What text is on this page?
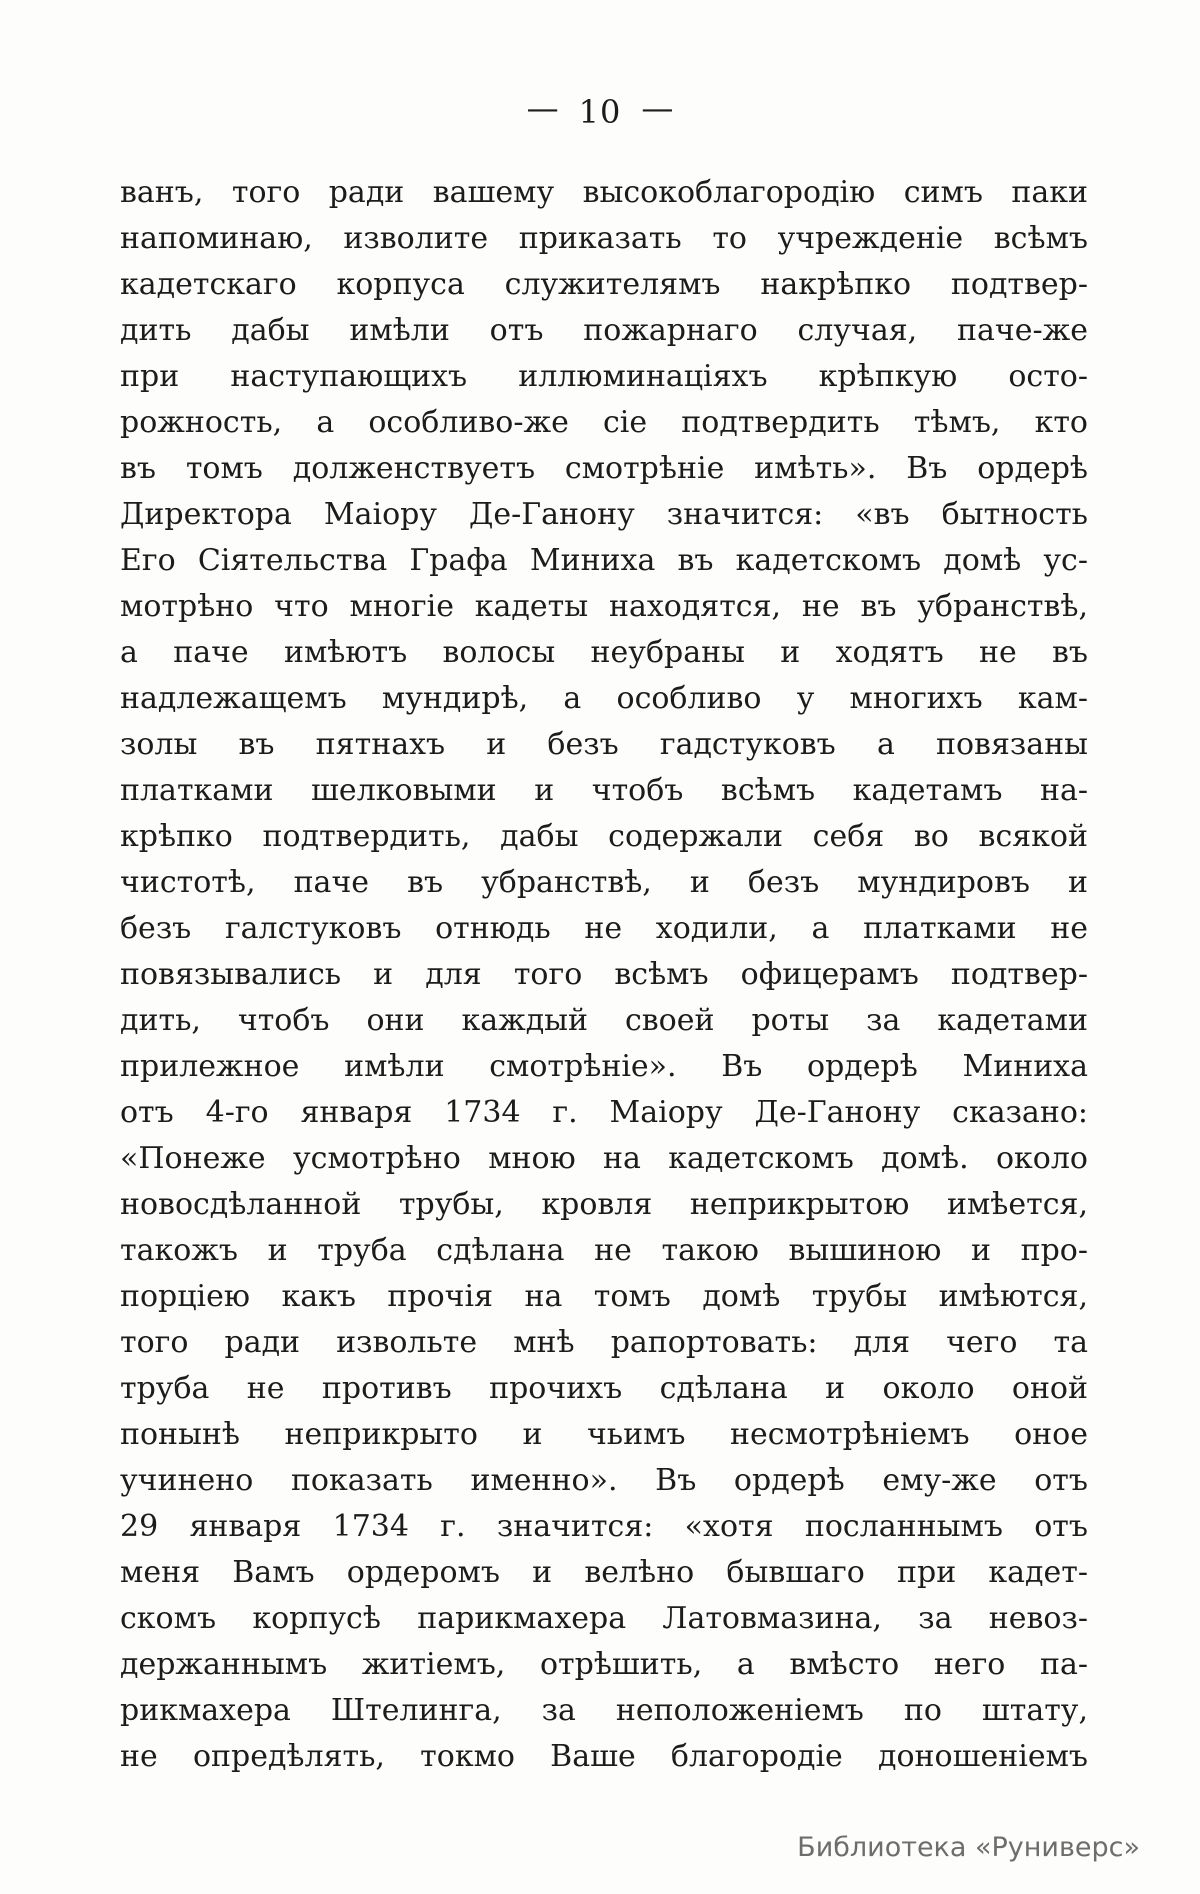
— 10 —
ванъ, того ради вашему высокоблагородію симъ паки
напоминаю, изволите приказать то учрежденіе всѣмъ
кадетскаго корпуса служителямъ накрѣпко подтвер-
дить дабы имѣли отъ пожарнаго случая, паче-же
при наступающихъ иллюминаціяхъ крѣпкую осто-
рожность, а особливо-же сіе подтвердить тѣмъ, кто
въ томъ долженствуетъ смотрѣніе имѣть». Въ ордерѣ
Директора Маіору Де-Ганону значится: «въ бытность
Его Сіятельства Графа Миниха въ кадетскомъ домѣ ус-
мотрѣно что многіе кадеты находятся, не въ убранствѣ,
а паче имѣютъ волосы неубраны и ходятъ не въ
надлежащемъ мундирѣ, а особливо у многихъ кам-
золы въ пятнахъ и безъ гадстуковъ а повязаны
платками шелковыми и чтобъ всѣмъ кадетамъ на-
крѣпко подтвердить, дабы содержали себя во всякой
чистотѣ, паче въ убранствѣ, и безъ мундировъ и
безъ галстуковъ отнюдь не ходили, а платками не
повязывались и для того всѣмъ офицерамъ подтвер-
дить, чтобъ они каждый своей роты за кадетами
прилежное имѣли смотрѣніе». Въ ордерѣ Миниха
отъ 4-го января 1734 г. Маіору Де-Ганону сказано:
«Понеже усмотрѣно мною на кадетскомъ домѣ. около
новосдѣланной трубы, кровля неприкрытою имѣется,
такожъ и труба сдѣлана не такою вышиною и про-
порціею какъ прочія на томъ домѣ трубы имѣются,
того ради извольте мнѣ рапортовать: для чего та
труба не противъ прочихъ сдѣлана и около оной
понынѣ неприкрыто и чьимъ несмотрѣніемъ оное
учинено показать именно». Въ ордерѣ ему-же отъ
29 января 1734 г. значится: «хотя посланнымъ отъ
меня Вамъ ордеромъ и велѣно бывшаго при кадет-
скомъ корпусѣ парикмахера Латовмазина, за невоз-
держаннымъ житіемъ, отрѣшить, а вмѣсто него па-
рикмахера Штелинга, за неположеніемъ по штату,
не опредѣлять, токмо Ваше благородіе доношеніемъ
Библиотека «Руниверс»
